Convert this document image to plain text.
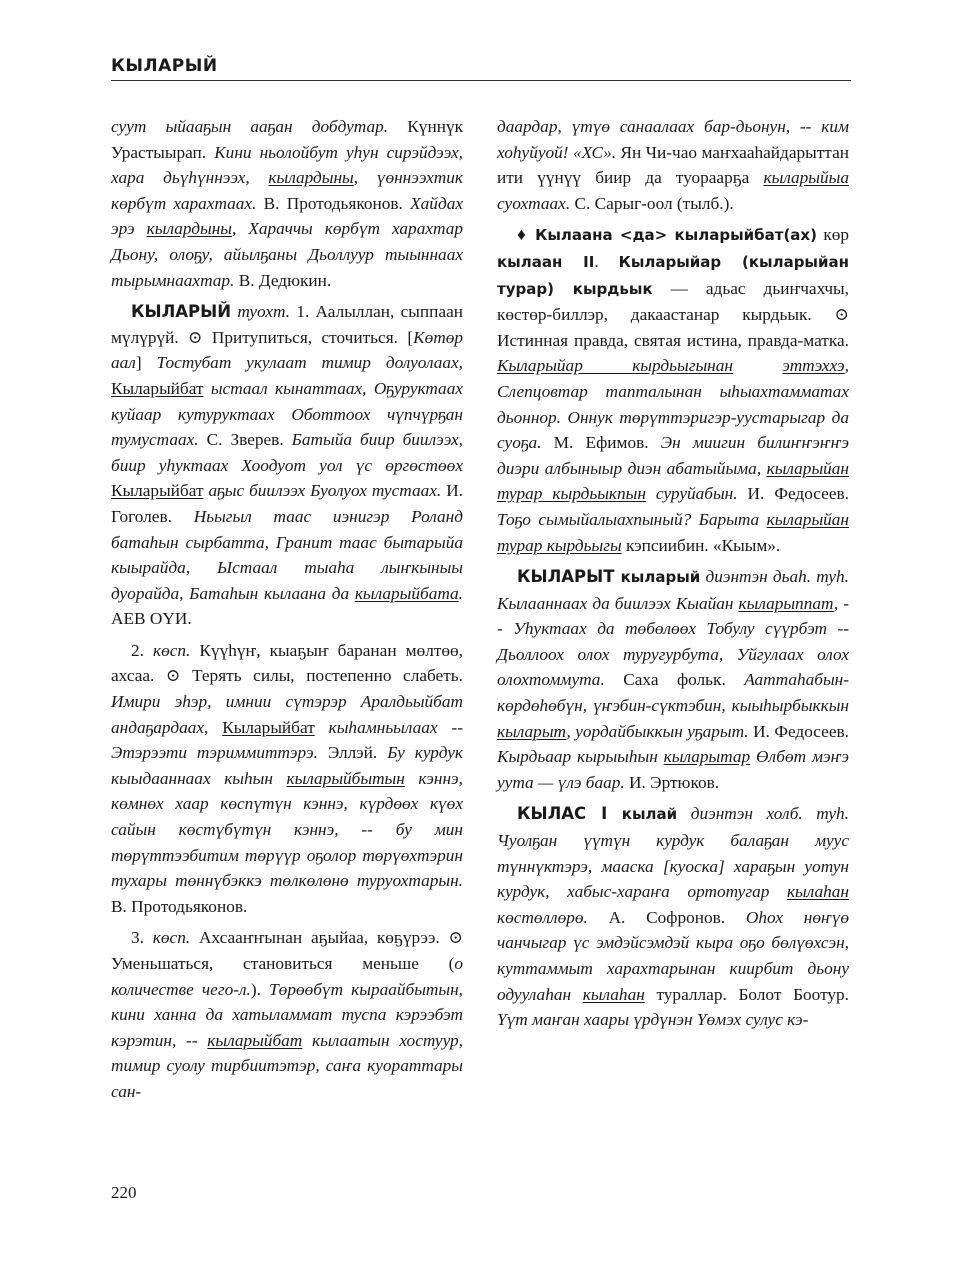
КЫЛАРЫЙ

суут ыйааҕын ааҕан добдутар. Күннүк Урастыырап. Кини ньолойбут уһун сирэйдээх, хара дьүһүннээх, кылардыны, үөннээхтик көрбүт харахтаах. В. Протодьяконов. Хайдах эрэ кылардыны, Хараччы көрбүт харахтар Дьону, олоҕу, айылҕаны Дьоллуур тыыннаах тырымнаахтар. В. Дедюкин.

КЫЛАРЫЙ туохт. 1. Аалыллан, сыппаан мүлүрүй. ⊙ Притупиться, сточиться. [Көтөр аал] Тостубат укулаат тимир долуолаах, Кыларыйбат ыстаал кынаттаах, Оҕуруктаах куйаар кутуруктаах Оботтоох чүпчүрҕан тумустаах. С. Зверев. Батыйа биир биилээх, биир уһуктаах Хоодуот уол үс өргөстөөх Кыларыйбат аҕыс биилээх Буолуох тустаах. И. Гоголев. Ньыгыл таас иэнигэр Роланд батаһын сырбатта, Гранит таас бытарыйа кыырайда, Ыстаал тыаһа лыҥкыныы дуорайда, Батаһын кылаана да кыларыйбата. АЕВ ОҮИ.

2. көсп. Күүһүҥ, кыаҕыҥ баранан мөлтөө, ахсаа. ⊙ Терять силы, постепенно слабеть. Имири эһэр, имнии сүтэрэр Аралдьыйбат андаҕардаах, Кыларыйбат кыһамньылаах -- Этэрээти тэриммиттэрэ. Эллэй. Бу курдук кыыдааннаах кыһын кыларыйбытын кэннэ, көмнөх хаар көспүтүн кэннэ, күрдөөх күөх сайын көстүбүтүн кэннэ, -- бу мин төрүттээбитим төрүүр оҕолор төрүөхтэрин тухары төннүбэккэ төлкөлөнө туруохтарын. В. Протодьяконов.

3. көсп. Ахсааҥҥынан аҕыйаа, көҕүрээ. ⊙ Уменьшаться, становиться меньше (о количестве чего-л.). Төрөөбүт кыраайбытын, кини ханна да хатыламмат туспа кэрээбэт кэрэтин, -- кыларыйбат кылаатын хостуур, тимир суолу тирбиитэтэр, саҥа куораттары сан-

даардар, үтүө санаалаах бар-дьонун, -- ким хоһуйуой! «ХС». Ян Чи-чао маҥхааһайдарыттан ити үүнүү биир да туораарҕа кыларыйыа суохтаах. С. Сарыг-оол (тылб.).

♦ Кылаана <да> кыларыйбат(ах) көр кылаан II. Кыларыйар (кыларыйан турар) кырдьык — адьас дьиҥчахчы, көстөр-биллэр, дакаастанар кырдьык. ⊙ Истинная правда, святая истина, правда-матка. Кыларыйар кырдьыгынан	эттэххэ, Слепцовтар тапталынан ыһыахтамматах дьоннор. Оннук төрүттэригэр-уустарыгар да суоҕа. М. Ефимов. Эн миигин билиҥҥэҥҥэ диэри албыныыр диэн абатыйыма, кыларыйан турар кырдьыкпын суруйабын. И. Федосеев. Тоҕо сымыйалыахпыный? Барыта кыларыйан турар кырдьыгы кэпсиибин. «Кыым».

КЫЛАРЫТ кыларый диэнтэн дьаһ. туһ. Кылааннаах да биилээх Кыайан кыларыппат, -- Уһуктаах да төбөлөөх Тобулу сүүрбэт -- Дьоллоох олох туругурбута, Уйгулаах олох олохтоммута. Саха фольк. Ааттаһабын-көрдөһөбүн, үҥэбин-сүктэбин, кыыһырбыккын кыларыт, уордайбыккын уҕарыт. И. Федосеев. Кырдьаар кырыыһын кыларытар Өлбөт мэҥэ уута — үлэ баар. И. Эртюков.

КЫЛАС I кылай диэнтэн холб. туһ. Чуолҕан үүтүн курдук балаҕан муус түннүктэрэ, мааска [кyоска] хараҕын уотун курдук, хабыс-хараҥа ортотугар кылаһан көстөллөрө. А. Софронов. Оһох нөҥүө чанчыгар үс эмдэйсэмдэй кыра оҕо бөлүөхсэн, куттаммыт харахтарынан киирбит дьону одуулаһан кылаһан тураллар. Болот Боотур. Үүт маҥан хаары үрдүнэн Үөмэх сулус кэ-

220
